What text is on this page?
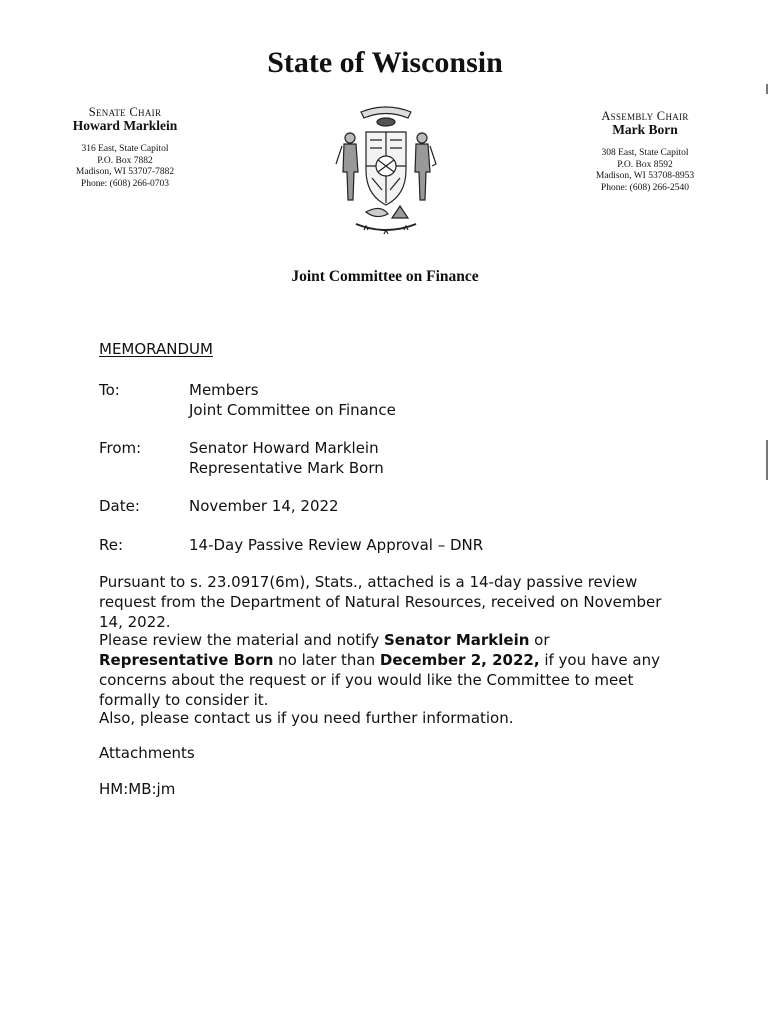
State of Wisconsin
Senate Chair
Howard Marklein
316 East, State Capitol
P.O. Box 7882
Madison, WI 53707-7882
Phone: (608) 266-0703
Assembly Chair
Mark Born
308 East, State Capitol
P.O. Box 8592
Madison, WI 53708-8953
Phone: (608) 266-2540
Joint Committee on Finance
MEMORANDUM
To:	Members
Joint Committee on Finance
From:	Senator Howard Marklein
Representative Mark Born
Date:	November 14, 2022
Re:	14-Day Passive Review Approval – DNR
Pursuant to s. 23.0917(6m), Stats., attached is a 14-day passive review request from the Department of Natural Resources, received on November 14, 2022.
Please review the material and notify Senator Marklein or Representative Born no later than December 2, 2022, if you have any concerns about the request or if you would like the Committee to meet formally to consider it.
Also, please contact us if you need further information.
Attachments
HM:MB:jm
